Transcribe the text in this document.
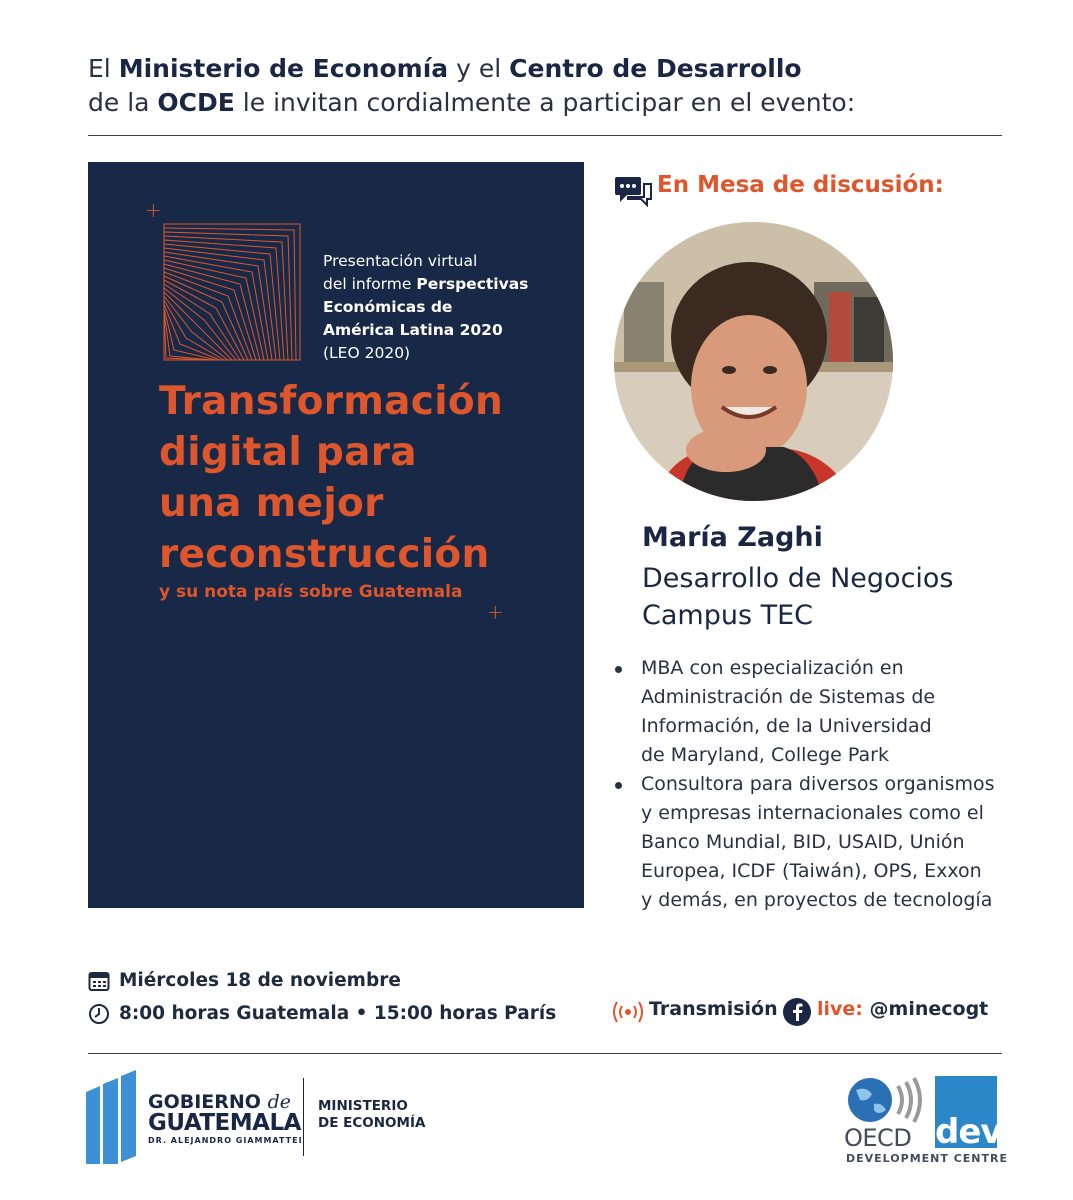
El Ministerio de Economía y el Centro de Desarrollo
de la OCDE le invitan cordialmente a participar en el evento:
+
Presentación virtual
del informe Perspectivas
Económicas de
América Latina 2020
(LEO 2020)
Transformación
digital para
una mejor
reconstrucción
y su nota país sobre Guatemala
+
En Mesa de discusión:
María Zaghi
Desarrollo de Negocios
Campus TEC
MBA con especialización en
Administración de Sistemas de
Información, de la Universidad
de Maryland, College Park
Consultora para diversos organismos
y empresas internacionales como el
Banco Mundial, BID, USAID, Unión
Europea, ICDF (Taiwán), OPS, Exxon
y demás, en proyectos de tecnología
Miércoles 18 de noviembre
8:00 horas Guatemala • 15:00 horas París	Transmisión live: @minecogt
GOBIERNO de
GUATEMALA
DR. ALEJANDRO GIAMMATTEI
MINISTERIO
DE ECONOMÍA
OECD dev
DEVELOPMENT CENTRE
